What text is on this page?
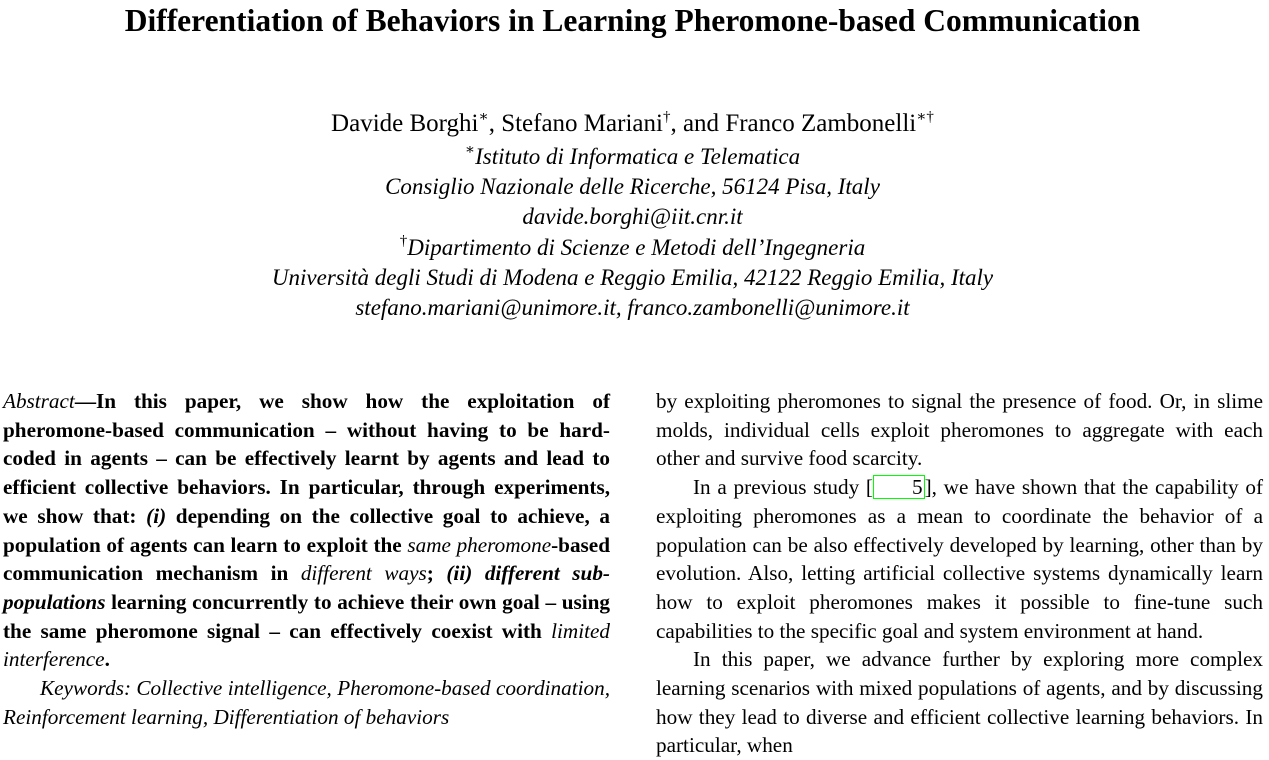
Differentiation of Behaviors in Learning Pheromone-based Communication
Davide Borghi∗, Stefano Mariani†, and Franco Zambonelli∗†
∗Istituto di Informatica e Telematica
Consiglio Nazionale delle Ricerche, 56124 Pisa, Italy
davide.borghi@iit.cnr.it
†Dipartimento di Scienze e Metodi dell’Ingegneria
Università degli Studi di Modena e Reggio Emilia, 42122 Reggio Emilia, Italy
stefano.mariani@unimore.it, franco.zambonelli@unimore.it

Abstract—In this paper, we show how the exploitation of pheromone-based communication – without having to be hard-coded in agents – can be effectively learnt by agents and lead to efficient collective behaviors. In particular, through experiments, we show that: (i) depending on the collective goal to achieve, a population of agents can learn to exploit the same pheromone-based communication mechanism in different ways; (ii) different sub-populations learning concurrently to achieve their own goal – using the same pheromone signal – can effectively coexist with limited interference.

Keywords: Collective intelligence, Pheromone-based coordination, Reinforcement learning, Differentiation of behaviors

by exploiting pheromones to signal the presence of food. Or, in slime molds, individual cells exploit pheromones to aggregate with each other and survive food scarcity.

In a previous study [ 5], we have shown that the capability of exploiting pheromones as a mean to coordinate the behavior of a population can be also effectively developed by learning, other than by evolution. Also, letting artificial collective systems dynamically learn how to exploit pheromones makes it possible to fine-tune such capabilities to the specific goal and system environment at hand.

In this paper, we advance further by exploring more complex learning scenarios with mixed populations of agents, and by discussing how they lead to diverse and efficient collective learning behaviors. In particular, when
